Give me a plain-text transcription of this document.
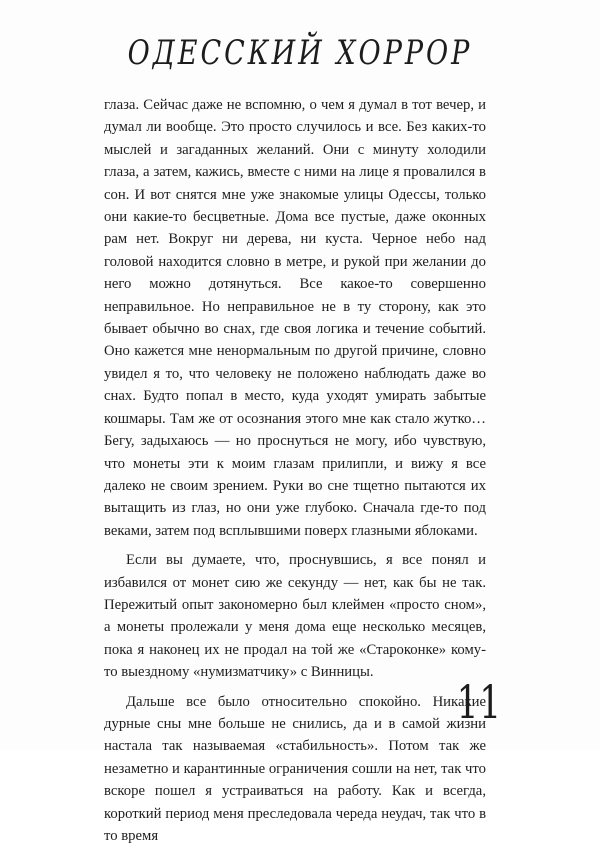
ОДЕССКИЙ ХОРРОР

глаза. Сейчас даже не вспомню, о чем я думал в тот вечер, и думал ли вообще. Это просто случилось и все. Без каких-то мыслей и загаданных желаний. Они с минуту холодили глаза, а затем, кажись, вместе с ними на лице я провалился в сон. И вот снятся мне уже знакомые улицы Одессы, только они какие-то бесцветные. Дома все пустые, даже оконных рам нет. Вокруг ни дерева, ни куста. Черное небо над головой находится словно в метре, и рукой при желании до него можно дотянуться. Все какое-то совершенно неправильное. Но неправильное не в ту сторону, как это бывает обычно во снах, где своя логика и течение событий. Оно кажется мне ненормальным по другой причине, словно увидел я то, что человеку не положено наблюдать даже во снах. Будто попал в место, куда уходят умирать забытые кошмары. Там же от осознания этого мне как стало жутко… Бегу, задыхаюсь — но проснуться не могу, ибо чувствую, что монеты эти к моим глазам прилипли, и вижу я все далеко не своим зрением. Руки во сне тщетно пытаются их вытащить из глаз, но они уже глубоко. Сначала где-то под веками, затем под всплывшими поверх глазными яблоками.

Если вы думаете, что, проснувшись, я все понял и избавился от монет сию же секунду — нет, как бы не так. Пережитый опыт закономерно был клеймен «просто сном», а монеты пролежали у меня дома еще несколько месяцев, пока я наконец их не продал на той же «Староконке» кому-то выездному «нумизматчику» с Винницы.

Дальше все было относительно спокойно. Никакие дурные сны мне больше не снились, да и в самой жизни настала так называемая «стабильность». Потом так же незаметно и карантинные ограничения сошли на нет, так что вскоре пошел я устраиваться на работу. Как и всегда, короткий период меня преследовала череда неудач, так что в то время

11
